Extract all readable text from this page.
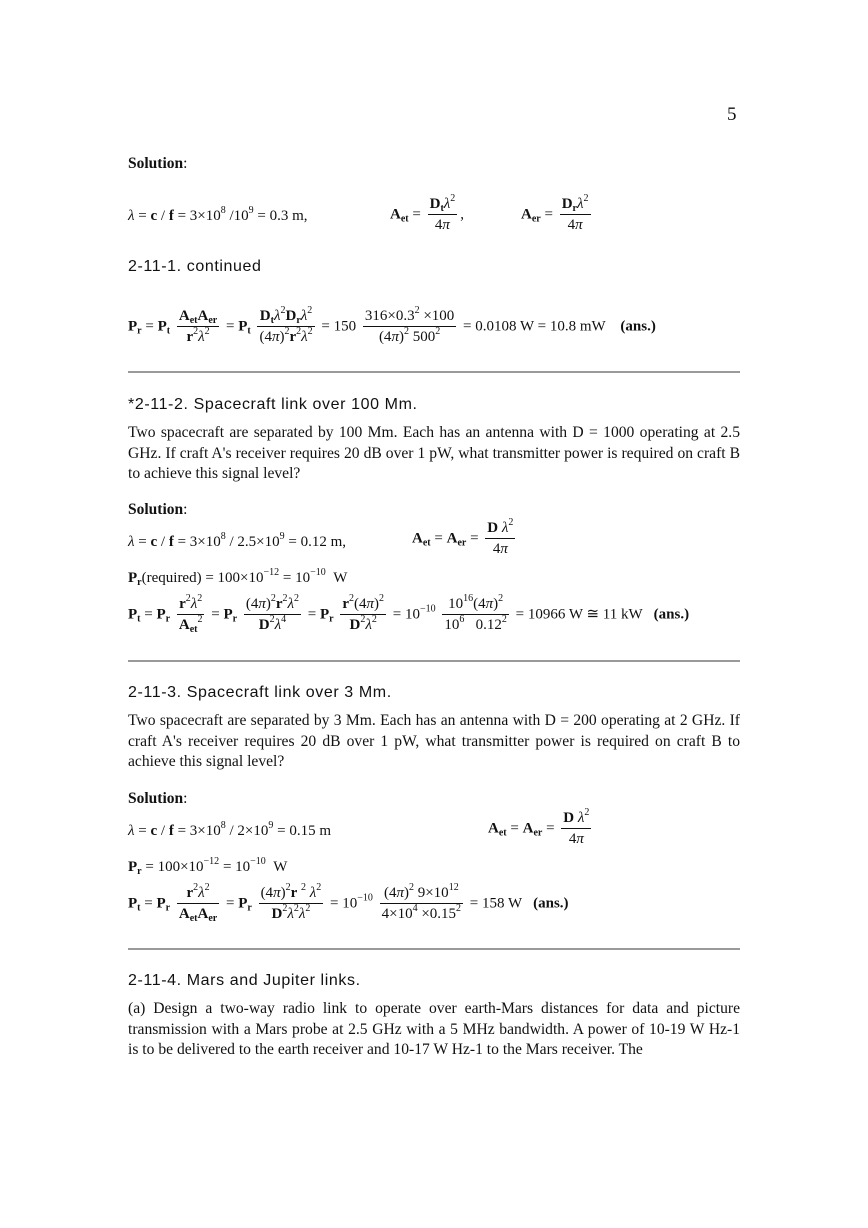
5
Solution:
$\lambda = c / f = 3\times 10^8$ $/10^9 = 0.3$ m,	$A_{et} = \frac{D_t\lambda^2}{4\pi}$ ,	$A_{er} = \frac{D_r\lambda^2}{4\pi}$
2-11-1. continued
$P_r = P_t \frac{A_{et}A_{er}}{r^2\lambda^2} = P_t \frac{D_t\lambda^2D_r\lambda^2}{(4\pi)^2r^2\lambda^2} = 150 \frac{316\times 0.3^2 \times 100}{(4\pi)^2 500^2} = 0.0108$ W = 10.8 mW    (ans.)
*2-11-2. Spacecraft link over 100 Mm.
Two spacecraft are separated by 100 Mm. Each has an antenna with D = 1000 operating at 2.5 GHz. If craft A's receiver requires 20 dB over 1 pW, what transmitter power is required on craft B to achieve this signal level?
Solution:
$\lambda = c / f = 3\times 10^8 / 2.5\times 10^9 = 0.12$ m,	$A_{et} = A_{er} = \frac{D \lambda^2}{4\pi}$
$P_r(required) = 100\times 10^{-12} = 10^{-10}$  W
$P_t = P_r \frac{r^2\lambda^2}{A_{et}^2} = P_r \frac{(4\pi)^2r^2\lambda^2}{D^2\lambda^4} = P_r \frac{r^2(4\pi)^2}{D^2\lambda^2} = 10^{-10} \frac{10^{16}(4\pi)^2}{10^6 0.12^2} = 10966$ W ≅ 11 kW   (ans.)
2-11-3. Spacecraft link over 3 Mm.
Two spacecraft are separated by 3 Mm. Each has an antenna with D = 200 operating at 2 GHz. If craft A's receiver requires 20 dB over 1 pW, what transmitter power is required on craft B to achieve this signal level?
Solution:
$\lambda = c / f = 3\times 10^8 / 2\times 10^9 = 0.15$ m	$A_{et} = A_{er} = \frac{D \lambda^2}{4\pi}$
$P_r = 100\times 10^{-12} = 10^{-10}$  W
$P_t = P_r \frac{r^2\lambda^2}{A_{et}A_{er}} = P_r \frac{(4\pi)^2r ^2 \lambda^2}{D^2\lambda^2\lambda^2} = 10^{-10} \frac{(4\pi)^2 9\times 10^{12}}{4\times 10^4 \times 0.15^2} = 158$ W   (ans.)
2-11-4. Mars and Jupiter links.
(a) Design a two-way radio link to operate over earth-Mars distances for data and picture transmission with a Mars probe at 2.5 GHz with a 5 MHz bandwidth. A power of 10-19 W Hz-1 is to be delivered to the earth receiver and 10-17 W Hz-1 to the Mars receiver. The
